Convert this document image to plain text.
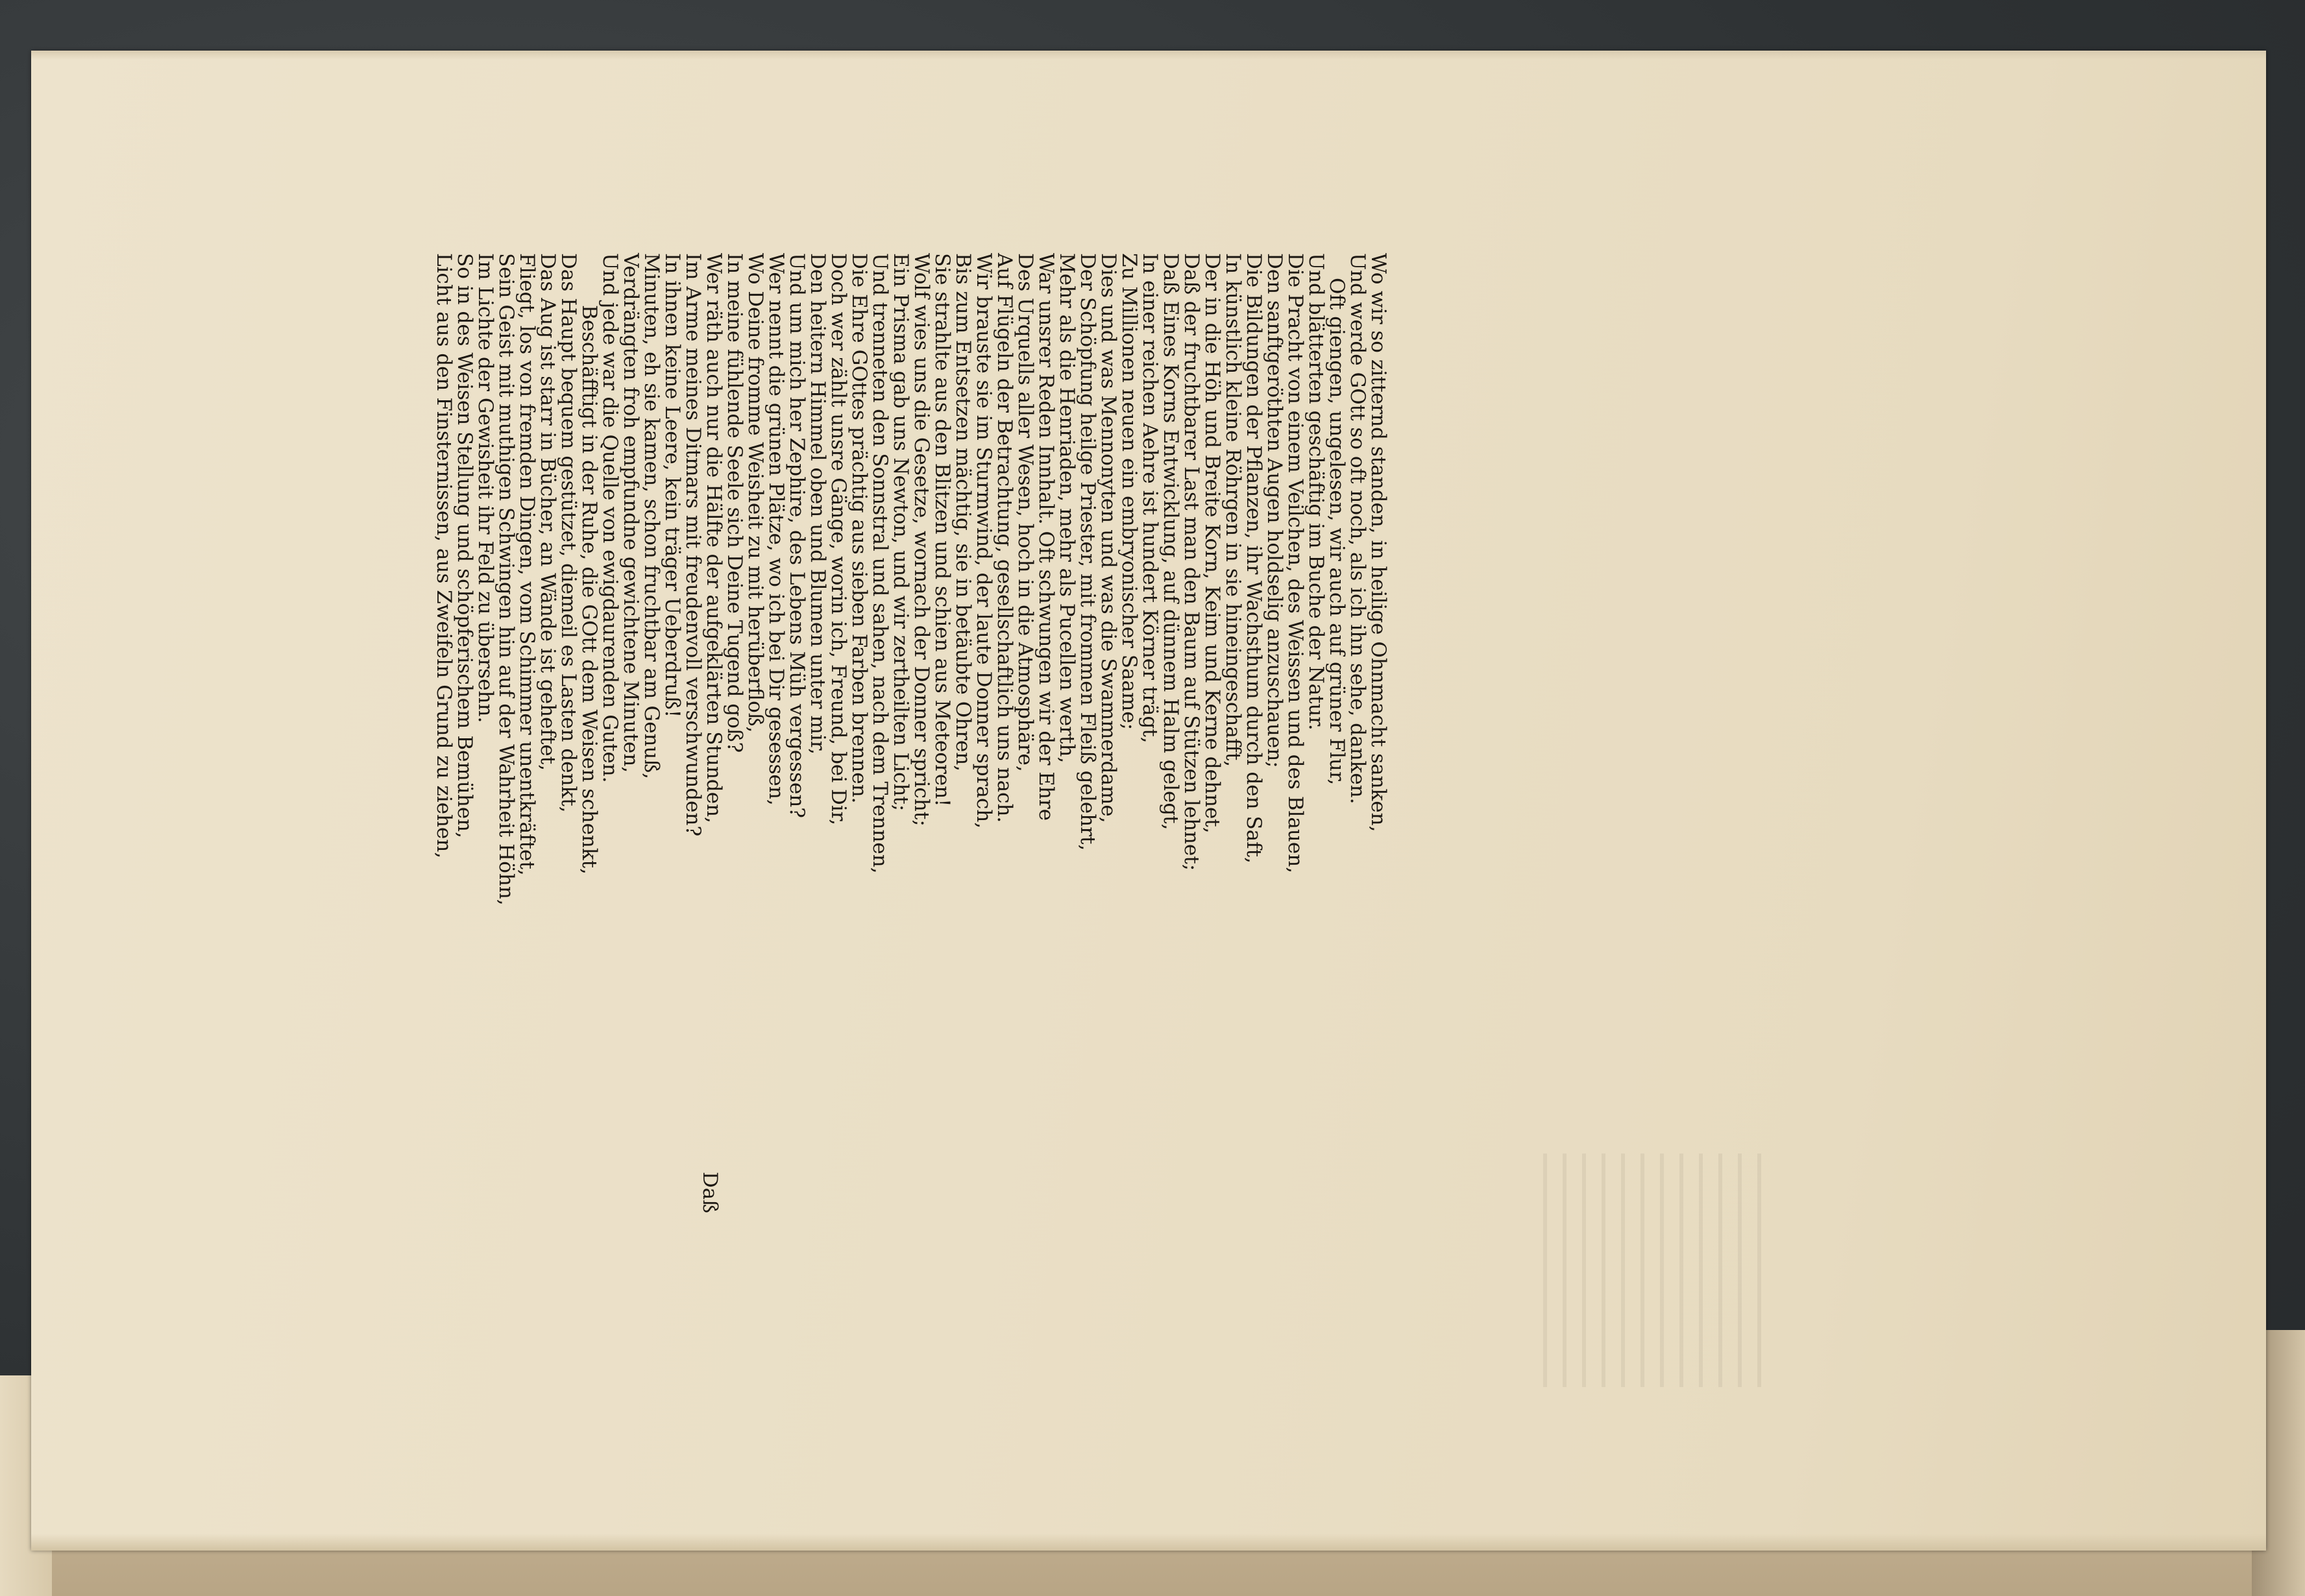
Wo wir so zitternd standen, in heilige Ohnmacht sanken,
Und werde GOtt so oft noch, als ich ihn sehe, danken.
Oft giengen, ungelesen, wir auch auf grüner Flur,
Und blätterten geschäftig im Buche der Natur.
Die Pracht von einem Veilchen, des Weissen und des Blauen,
Den sanftgeröthten Augen holdselig anzuschauen;
Die Bildungen der Pflanzen, ihr Wachsthum durch den Saft,
In künstlich kleine Röhrgen in sie hineingeschafft,
Der in die Höh und Breite Korn, Keim und Kerne dehnet,
Daß der fruchtbarer Last man den Baum auf Stützen lehnet;
Daß Eines Korns Entwicklung, auf dünnem Halm gelegt,
In einer reichen Aehre ist hundert Körner trägt,
Zu Millionen neuen ein embryonischer Saame;
Dies und was Mennonyten und was die Swammerdame,
Der Schöpfung heilge Priester, mit frommen Fleiß gelehrt,
Mehr als die Henriaden, mehr als Pucellen werth,
War unsrer Reden Innhalt. Oft schwungen wir der Ehre
Des Urquells aller Wesen, hoch in die Atmosphäre,
Auf Flügeln der Betrachtung, gesellschaftlich uns nach.
Wir brauste sie im Sturmwind, der laute Donner sprach,
Bis zum Entsetzen mächtig, sie in betäubte Ohren,
Sie strahlte aus den Blitzen und schien aus Meteoren!
Wolf wies uns die Gesetze, wornach der Donner spricht;
Ein Prisma gab uns Newton, und wir zertheilten Licht;
Und trenneten den Sonnstral und sahen, nach dem Trennen,
Die Ehre GOttes prächtig aus sieben Farben brennen.
Doch wer zählt unsre Gänge, worin ich, Freund, bei Dir,
Den heitern Himmel oben und Blumen unter mir,
Und um mich her Zephire, des Lebens Müh vergessen?
Wer nennt die grünen Plätze, wo ich bei Dir gesessen,
Wo Deine fromme Weisheit zu mit herüberfloß,
In meine fühlende Seele sich Deine Tugend goß?
Wer räth auch nur die Hälfte der aufgeklärten Stunden,
Im Arme meines Ditmars mit freudenvoll verschwunden?
In ihnen keine Leere, kein träger Ueberdruß!
Minuten, eh sie kamen, schon fruchtbar am Genuß,
Verdrängten froh empfundne gewichtene Minuten,
Und jede war die Quelle von ewigdaurenden Guten.
Beschäfftigt in der Ruhe, die GOtt dem Weisen schenkt,
Das Haupt bequem gestützet, diemeil es Lasten denkt,
Das Aug ist starr in Bücher, an Wände ist geheftet,
Fliegt, los von fremden Dingen, vom Schimmer unentkräftet,
Sein Geist mit muthigen Schwingen hin auf der Wahrheit Höhn,
Im Lichte der Gewisheit ihr Feld zu übersehn.
So in des Weisen Stellung und schöpferischem Bemühen,
Licht aus den Finsternissen, aus Zweifeln Grund zu ziehen,
Daß
